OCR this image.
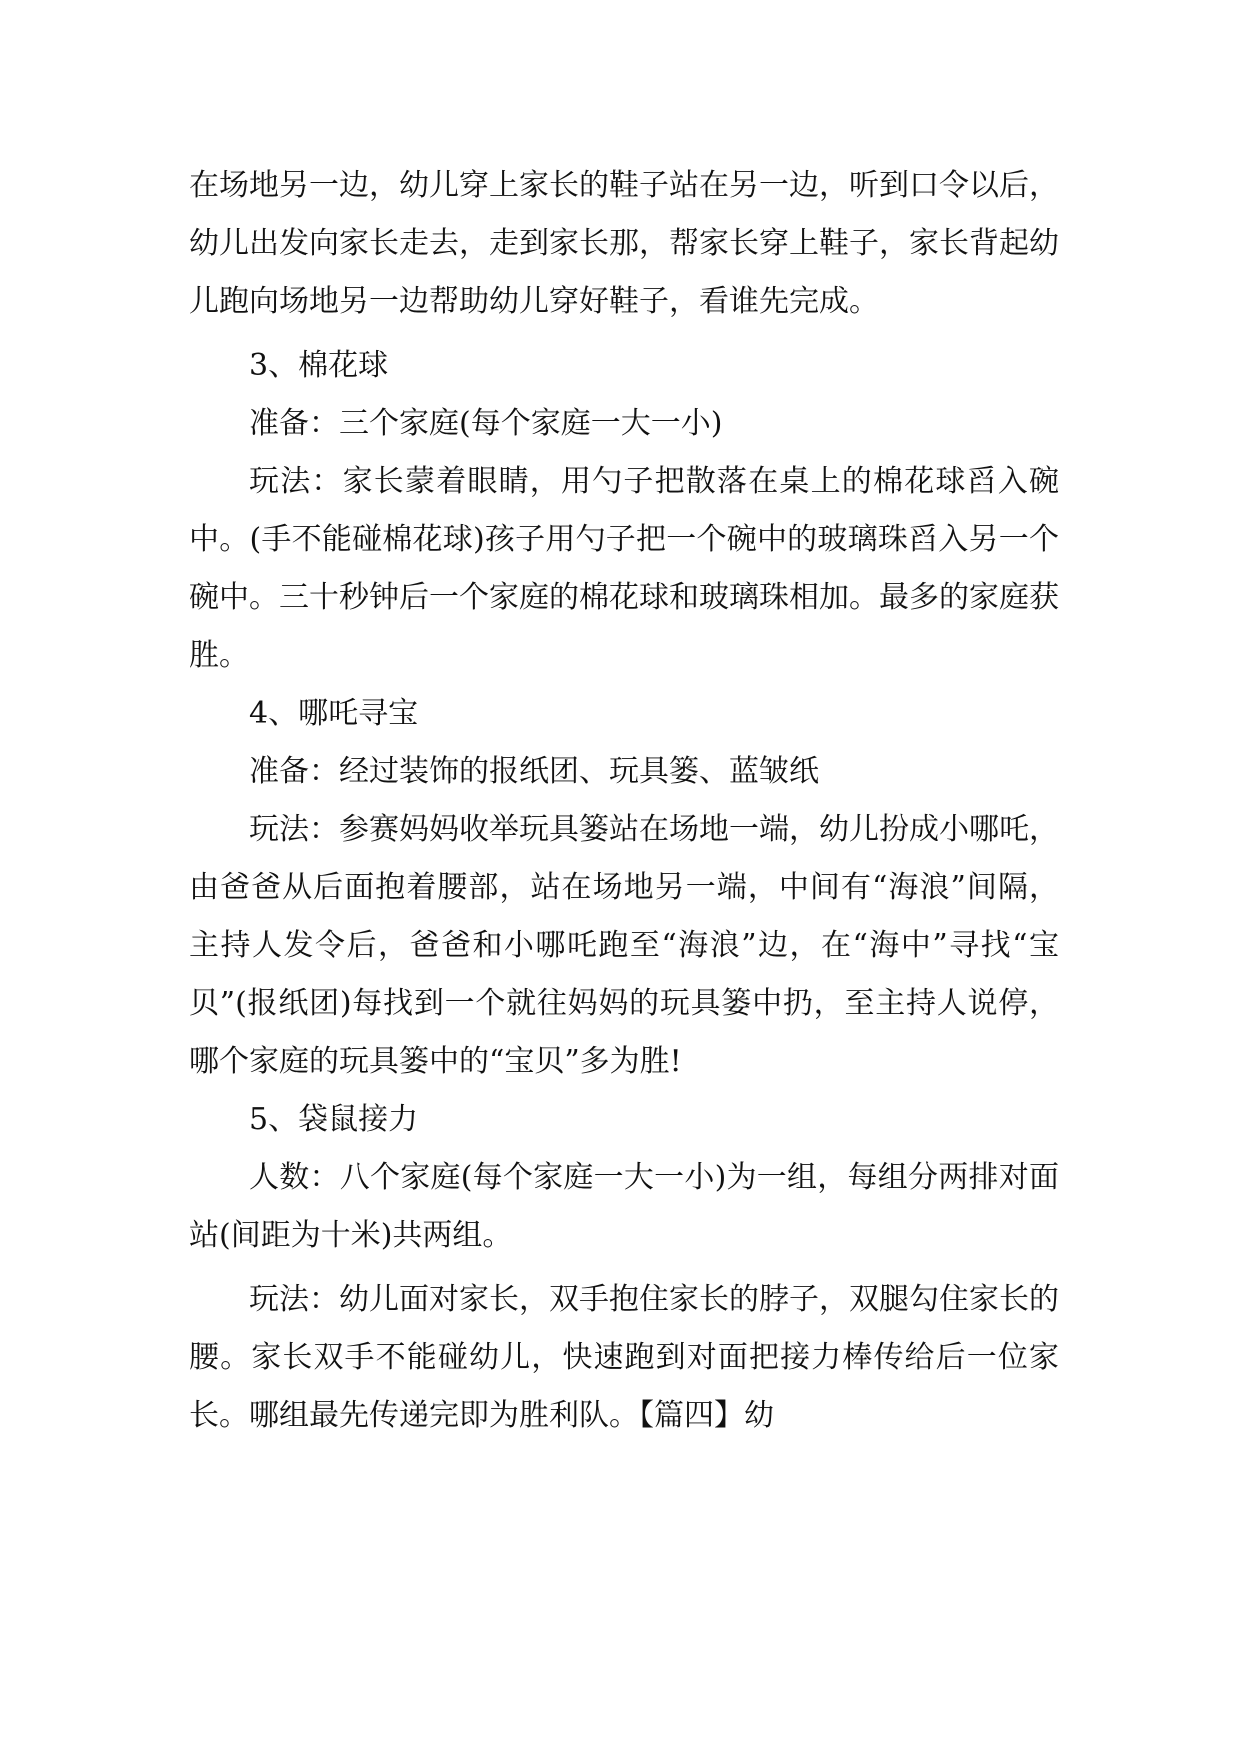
在场地另一边，幼儿穿上家长的鞋子站在另一边，听到口令以后，幼儿出发向家长走去，走到家长那，帮家长穿上鞋子，家长背起幼儿跑向场地另一边帮助幼儿穿好鞋子，看谁先完成。

3、棉花球

准备：三个家庭(每个家庭一大一小)

玩法：家长蒙着眼睛，用勺子把散落在桌上的棉花球舀入碗中。(手不能碰棉花球)孩子用勺子把一个碗中的玻璃珠舀入另一个碗中。三十秒钟后一个家庭的棉花球和玻璃珠相加。最多的家庭获胜。

4、哪吒寻宝

准备：经过装饰的报纸团、玩具篓、蓝皱纸

玩法：参赛妈妈收举玩具篓站在场地一端，幼儿扮成小哪吒，由爸爸从后面抱着腰部，站在场地另一端，中间有“海浪”间隔，主持人发令后，爸爸和小哪吒跑至“海浪”边，在“海中”寻找“宝贝”(报纸团)每找到一个就往妈妈的玩具篓中扔，至主持人说停，哪个家庭的玩具篓中的“宝贝”多为胜!

5、袋鼠接力

人数：八个家庭(每个家庭一大一小)为一组，每组分两排对面站(间距为十米)共两组。

玩法：幼儿面对家长，双手抱住家长的脖子，双腿勾住家长的腰。家长双手不能碰幼儿，快速跑到对面把接力棒传给后一位家长。哪组最先传递完即为胜利队。【篇四】幼
